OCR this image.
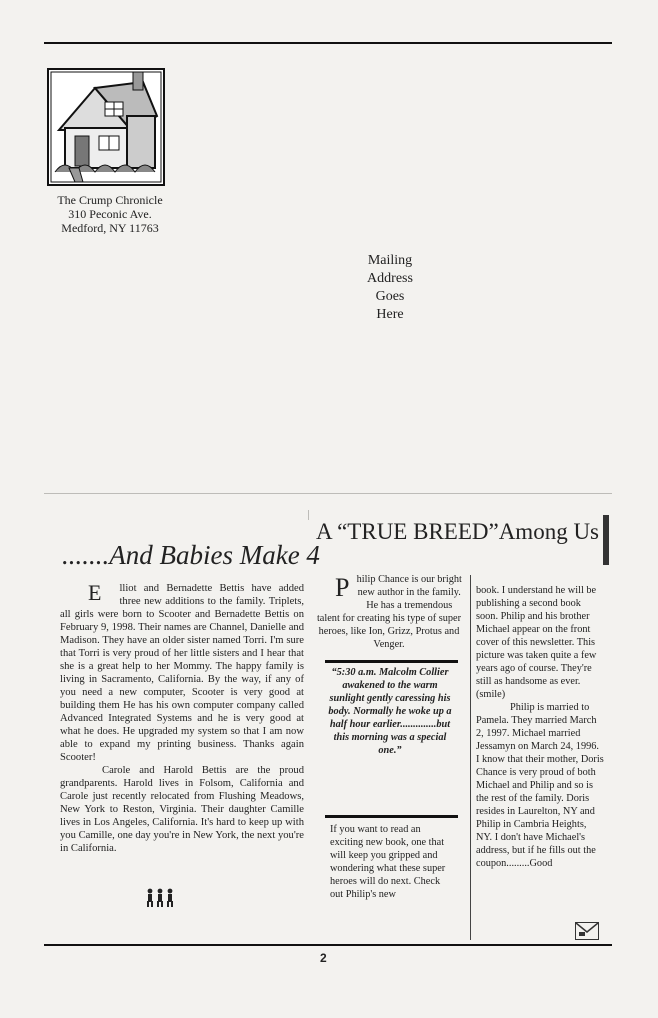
The Crump Chronicle
310 Peconic Ave.
Medford, NY 11763
Mailing
Address
Goes
Here
.......And Babies Make 4

E lliot and Bernadette Bettis have added three new additions to the family. Triplets, all girls were born to Scooter and Bernadette Bettis on February 9, 1998. Their names are Channel, Danielle and Madison. They have an older sister named Torri. I'm sure that Torri is very proud of her little sisters and I hear that she is a great help to her Mommy. The happy family is living in Sacramento, California. By the way, if any of you need a new computer, Scooter is very good at building them He has his own computer company called Advanced Integrated Systems and he is very good at what he does. He upgraded my system so that I am now able to expand my printing business. Thanks again Scooter!

Carole and Harold Bettis are the proud grandparents. Harold lives in Folsom, California and Carole just recently relocated from Flushing Meadows, New York to Reston, Virginia. Their daughter Camille lives in Los Angeles, California. It's hard to keep up with you Camille, one day you're in New York, the next you're in California.

A “TRUE BREED”Among Us

Philip Chance is our bright new author in the family. He has a tremendous talent for creating his type of super heroes, like Ion, Grizz, Protus and Venger.

“5:30 a.m. Malcolm Collier awakened to the warm sunlight gently caressing his body. Normally he woke up a half hour earlier..............but this morning was a special one.”
If you want to read an exciting new book, one that will keep you gripped and wondering what these super heroes will do next. Check out Philip's new

book. I understand he will be publishing a second book soon. Philip and his brother Michael appear on the front cover of this newsletter. This picture was taken quite a few years ago of course. They're still as handsome as ever. (smile)

Philip is married to Pamela. They married March 2, 1997. Michael married Jessamyn on March 24, 1996. I know that their mother, Doris Chance is very proud of both Michael and Philip and so is the rest of the family. Doris resides in Laurelton, NY and Philip in Cambria Heights, NY. I don't have Michael's address, but if he fills out the coupon.........Good

2
